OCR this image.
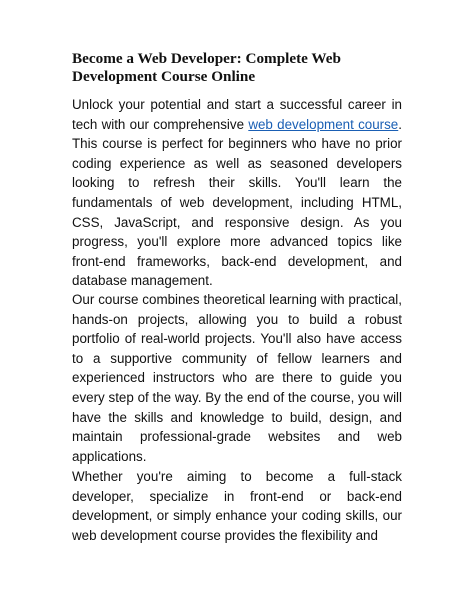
Become a Web Developer: Complete Web Development Course Online

Unlock your potential and start a successful career in tech with our comprehensive web development course. This course is perfect for beginners who have no prior coding experience as well as seasoned developers looking to refresh their skills. You'll learn the fundamentals of web development, including HTML, CSS, JavaScript, and responsive design. As you progress, you'll explore more advanced topics like front-end frameworks, back-end development, and database management.

Our course combines theoretical learning with practical, hands-on projects, allowing you to build a robust portfolio of real-world projects. You'll also have access to a supportive community of fellow learners and experienced instructors who are there to guide you every step of the way. By the end of the course, you will have the skills and knowledge to build, design, and maintain professional-grade websites and web applications.

Whether you're aiming to become a full-stack developer, specialize in front-end or back-end development, or simply enhance your coding skills, our web development course provides the flexibility and
